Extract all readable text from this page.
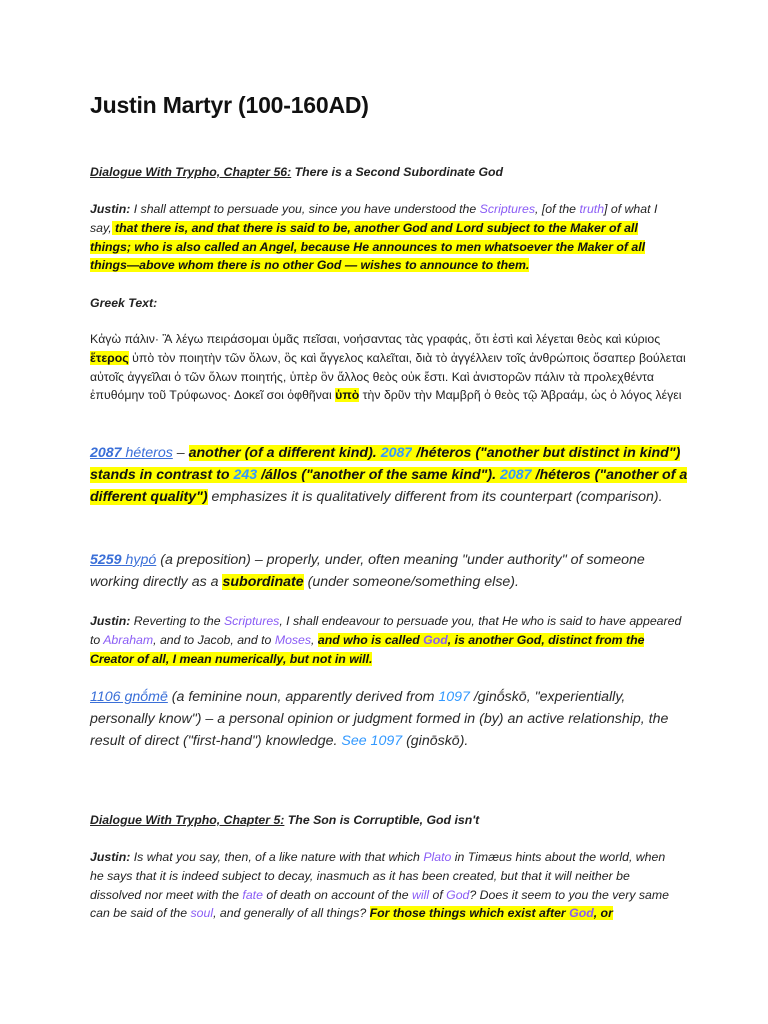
Justin Martyr (100-160AD)
Dialogue With Trypho, Chapter 56: There is a Second Subordinate God
Justin: I shall attempt to persuade you, since you have understood the Scriptures, [of the truth] of what I say, that there is, and that there is said to be, another God and Lord subject to the Maker of all things; who is also called an Angel, because He announces to men whatsoever the Maker of all things—above whom there is no other God — wishes to announce to them.
Greek Text:
Κἀγὼ πάλιν· Ἃ λέγω πειράσομαι ὑμᾶς πεῖσαι, νοήσαντας τὰς γραφάς, ὅτι ἐστὶ καὶ λέγεται θεὸς καὶ κύριος ἕτερος ὑπὸ τὸν ποιητὴν τῶν ὅλων, ὃς καὶ ἄγγελος καλεῖται, διὰ τὸ ἀγγέλλειν τοῖς ἀνθρώποις ὅσαπερ βούλεται αὐτοῖς ἀγγεῖλαι ὁ τῶν ὅλων ποιητής, ὑπὲρ ὃν ἄλλος θεὸς οὐκ ἔστι. Καὶ ἀνιστορῶν πάλιν τὰ προλεχθέντα ἐπυθόμην τοῦ Τρύφωνος· Δοκεῖ σοι ὀφθῆναι ὑπὸ τὴν δρῦν τὴν Μαμβρῆ ὁ θεὸς τῷ Ἀβραάμ, ὡς ὁ λόγος λέγει
2087 héteros – another (of a different kind). 2087 /héteros ("another but distinct in kind") stands in contrast to 243 /állos ("another of the same kind"). 2087 /héteros ("another of a different quality") emphasizes it is qualitatively different from its counterpart (comparison).
5259 hypó (a preposition) – properly, under, often meaning "under authority" of someone working directly as a subordinate (under someone/something else).
Justin: Reverting to the Scriptures, I shall endeavour to persuade you, that He who is said to have appeared to Abraham, and to Jacob, and to Moses, and who is called God, is another God, distinct from the Creator of all, I mean numerically, but not in will.
1106 gnṓmē (a feminine noun, apparently derived from 1097 /ginṓskō, "experientially, personally know") – a personal opinion or judgment formed in (by) an active relationship, the result of direct ("first-hand") knowledge. See 1097 (ginōskō).
Dialogue With Trypho, Chapter 5: The Son is Corruptible, God isn't
Justin: Is what you say, then, of a like nature with that which Plato in Timæus hints about the world, when he says that it is indeed subject to decay, inasmuch as it has been created, but that it will neither be dissolved nor meet with the fate of death on account of the will of God? Does it seem to you the very same can be said of the soul, and generally of all things? For those things which exist after God, or
